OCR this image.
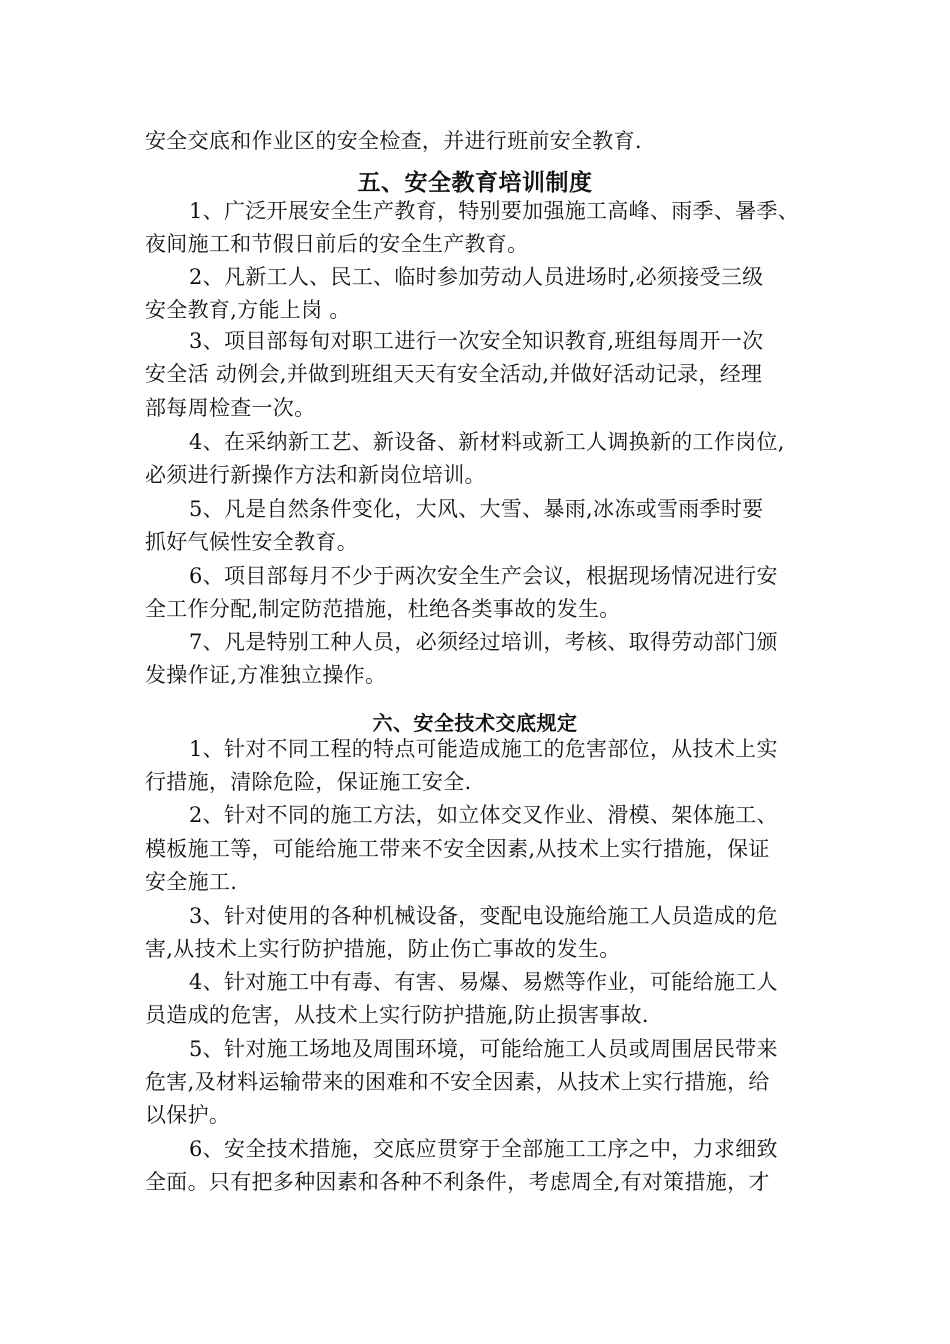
安全交底和作业区的安全检查，并进行班前安全教育.
五、安全教育培训制度
1、广泛开展安全生产教育，特别要加强施工高峰、雨季、暑季、
夜间施工和节假日前后的安全生产教育。
2、凡新工人、民工、临时参加劳动人员进场时,必须接受三级
安全教育,方能上岗 。
3、项目部每旬对职工进行一次安全知识教育,班组每周开一次
安全活 动例会,并做到班组天天有安全活动,并做好活动记录，经理
部每周检查一次。
4、在采纳新工艺、新设备、新材料或新工人调换新的工作岗位,
必须进行新操作方法和新岗位培训。
5、凡是自然条件变化，大风、大雪、暴雨,冰冻或雪雨季时要
抓好气候性安全教育。
6、项目部每月不少于两次安全生产会议，根据现场情况进行安
全工作分配,制定防范措施，杜绝各类事故的发生。
7、凡是特别工种人员，必须经过培训，考核、取得劳动部门颁
发操作证,方准独立操作。
六、安全技术交底规定
1、针对不同工程的特点可能造成施工的危害部位，从技术上实
行措施，清除危险，保证施工安全.
2、针对不同的施工方法，如立体交叉作业、滑模、架体施工、
模板施工等，可能给施工带来不安全因素,从技术上实行措施，保证
安全施工.
3、针对使用的各种机械设备，变配电设施给施工人员造成的危
害,从技术上实行防护措施，防止伤亡事故的发生。
4、针对施工中有毒、有害、易爆、易燃等作业，可能给施工人
员造成的危害，从技术上实行防护措施,防止损害事故.
5、针对施工场地及周围环境，可能给施工人员或周围居民带来
危害,及材料运输带来的困难和不安全因素，从技术上实行措施，给
以保护。
6、安全技术措施，交底应贯穿于全部施工工序之中，力求细致
全面。只有把多种因素和各种不利条件，考虑周全,有对策措施，才
